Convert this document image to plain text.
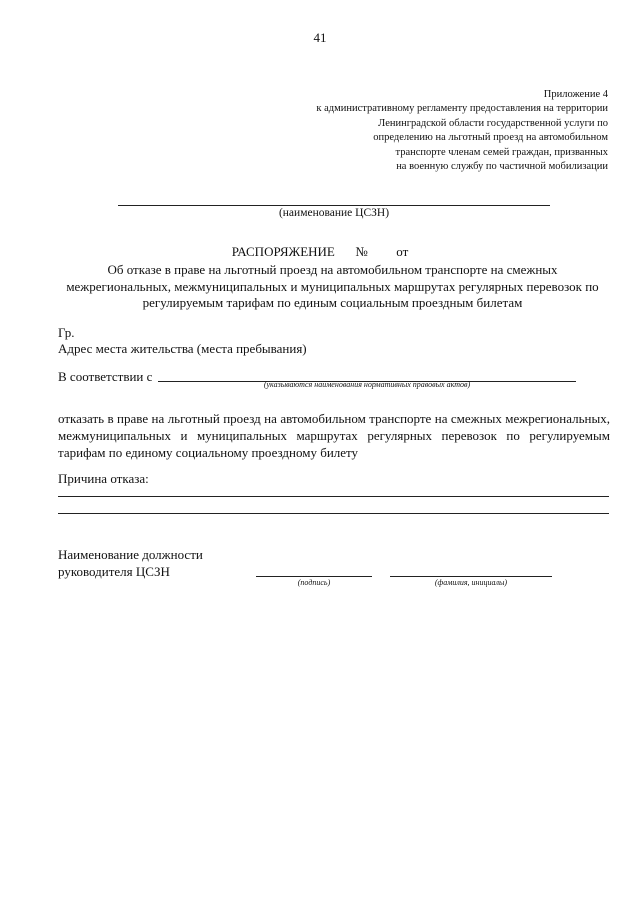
41
Приложение 4
к административному регламенту предоставления на территории
Ленинградской области государственной услуги по
определению на льготный проезд на автомобильном
транспорте членам семей граждан, призванных
на военную службу по частичной мобилизации
(наименование ЦСЗН)
РАСПОРЯЖЕНИЕ № от
Об отказе в праве на льготный проезд на автомобильном транспорте на смежных
межрегиональных, межмуниципальных и муниципальных маршрутах регулярных перевозок по
регулируемым тарифам по единым социальным проездным билетам
Гр.
Адрес места жительства (места пребывания)
В соответствии с
(указываются наименования нормативных правовых актов)
отказать в праве на льготный проезд на автомобильном транспорте на смежных межрегиональных, межмуниципальных и муниципальных маршрутах регулярных перевозок по регулируемым тарифам по единому социальному проездному билету
Причина отказа:
Наименование должности
руководителя ЦСЗН
(подпись)	(фамилия, инициалы)
